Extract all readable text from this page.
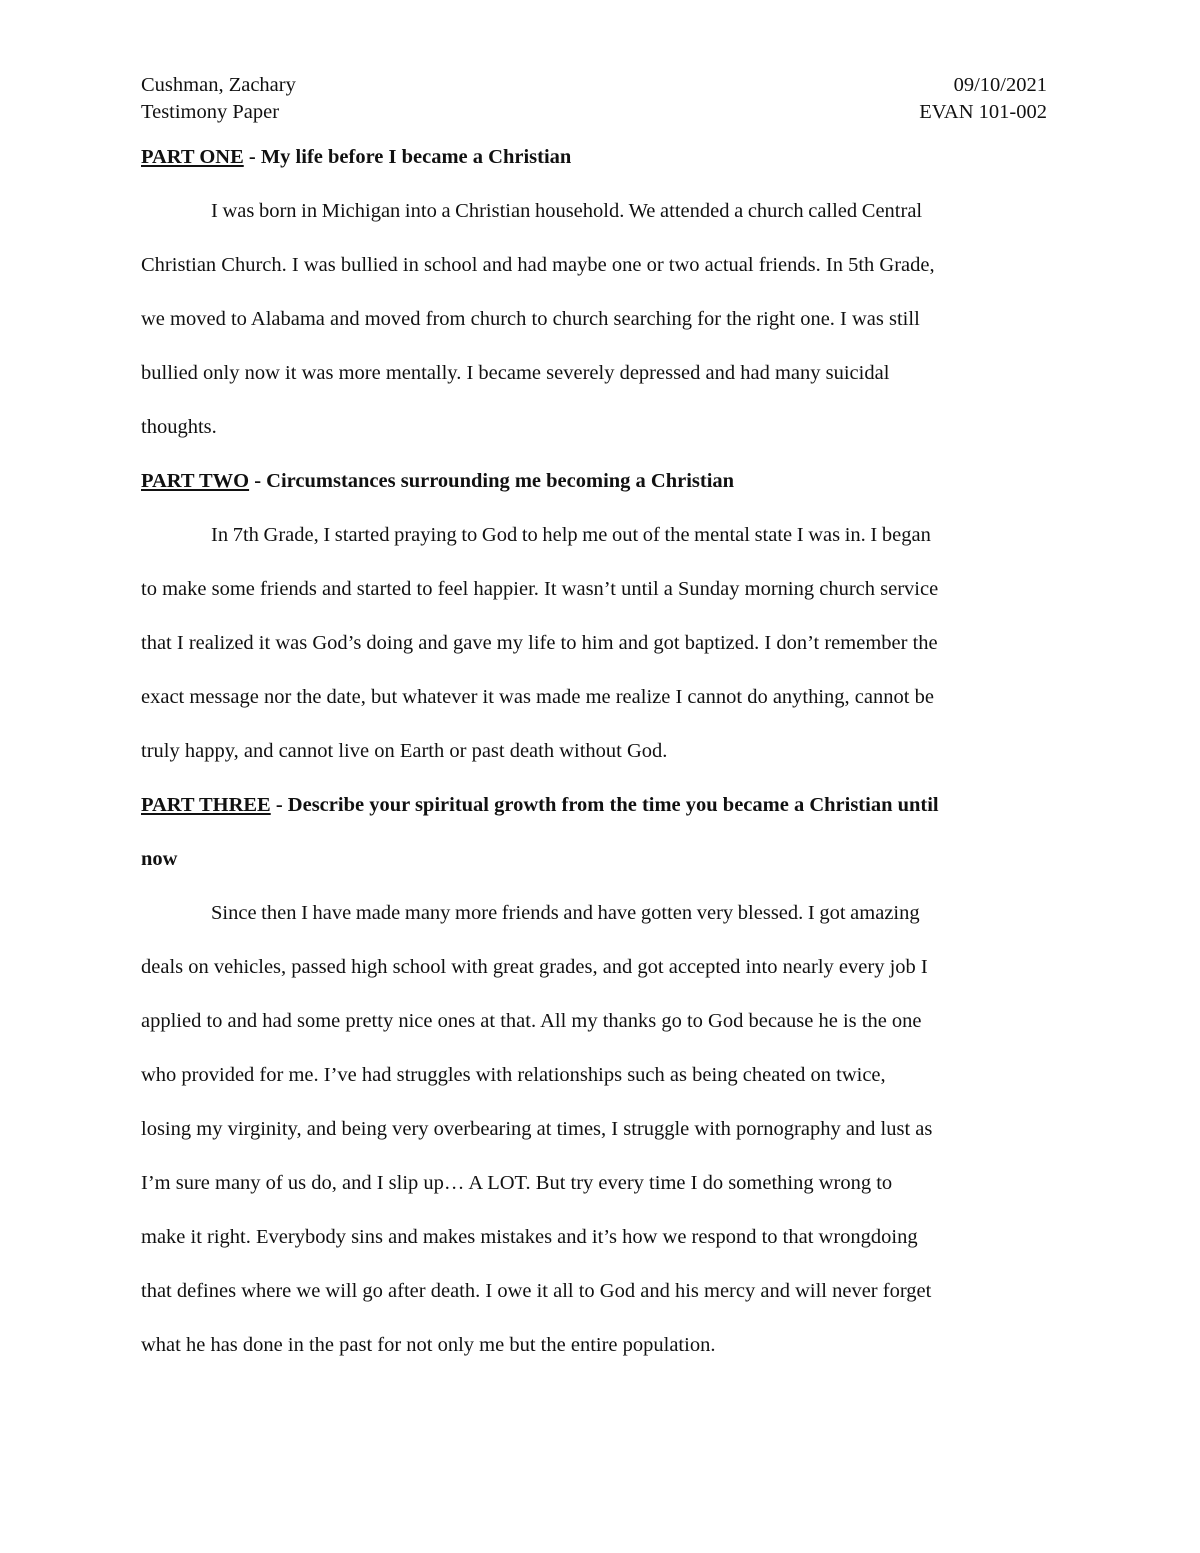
Cushman, Zachary	09/10/2021
Testimony Paper	EVAN 101-002
PART ONE - My life before I became a Christian
I was born in Michigan into a Christian household. We attended a church called Central
Christian Church. I was bullied in school and had maybe one or two actual friends. In 5th Grade,
we moved to Alabama and moved from church to church searching for the right one. I was still
bullied only now it was more mentally. I became severely depressed and had many suicidal
thoughts.
PART TWO - Circumstances surrounding me becoming a Christian
In 7th Grade, I started praying to God to help me out of the mental state I was in. I began
to make some friends and started to feel happier. It wasn’t until a Sunday morning church service
that I realized it was God’s doing and gave my life to him and got baptized. I don’t remember the
exact message nor the date, but whatever it was made me realize I cannot do anything, cannot be
truly happy, and cannot live on Earth or past death without God.
PART THREE - Describe your spiritual growth from the time you became a Christian until
now
Since then I have made many more friends and have gotten very blessed. I got amazing
deals on vehicles, passed high school with great grades, and got accepted into nearly every job I
applied to and had some pretty nice ones at that. All my thanks go to God because he is the one
who provided for me. I’ve had struggles with relationships such as being cheated on twice,
losing my virginity, and being very overbearing at times, I struggle with pornography and lust as
I’m sure many of us do, and I slip up… A LOT. But try every time I do something wrong to
make it right. Everybody sins and makes mistakes and it’s how we respond to that wrongdoing
that defines where we will go after death. I owe it all to God and his mercy and will never forget
what he has done in the past for not only me but the entire population.
